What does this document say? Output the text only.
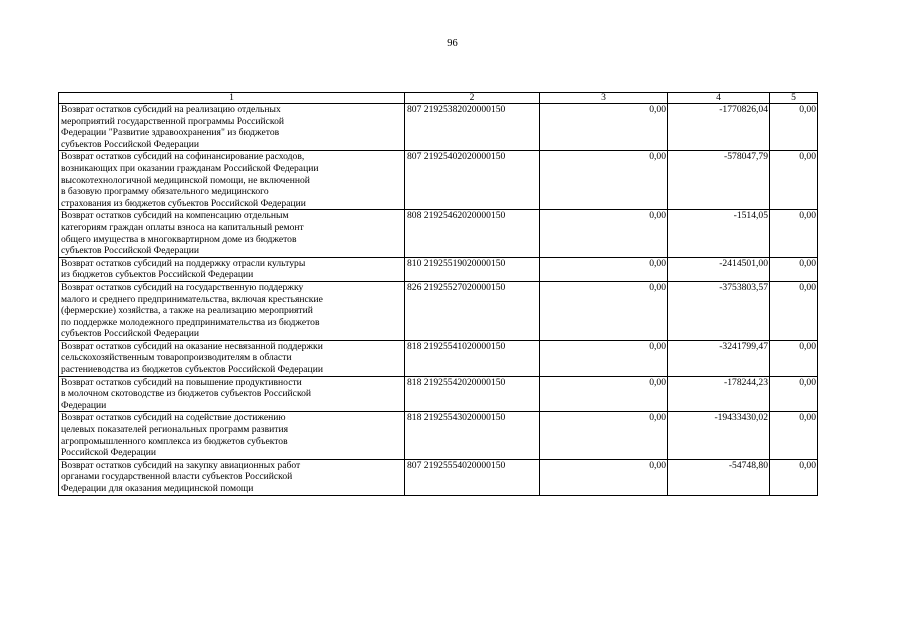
96
1	2	3	4	5

Возврат остатков субсидий на реализацию отдельных
мероприятий государственной программы Российской
Федерации "Развитие здравоохранения" из бюджетов
субъектов Российской Федерации	807 21925382020000150	0,00	-1770826,04	0,00

Возврат остатков субсидий на софинансирование расходов,
возникающих при оказании гражданам Российской Федерации
высокотехнологичной медицинской помощи, не включенной
в базовую программу обязательного медицинского
страхования из бюджетов субъектов Российской Федерации	807 21925402020000150	0,00	-578047,79	0,00

Возврат остатков субсидий на компенсацию отдельным
категориям граждан оплаты взноса на капитальный ремонт
общего имущества в многоквартирном доме из бюджетов
субъектов Российской Федерации	808 21925462020000150	0,00	-1514,05	0,00

Возврат остатков субсидий на поддержку отрасли культуры
из бюджетов субъектов Российской Федерации	810 21925519020000150	0,00	-2414501,00	0,00

Возврат остатков субсидий на государственную поддержку
малого и среднего предпринимательства, включая крестьянские
(фермерские) хозяйства, а также на реализацию мероприятий
по поддержке молодежного предпринимательства из бюджетов
субъектов Российской Федерации	826 21925527020000150	0,00	-3753803,57	0,00

Возврат остатков субсидий на оказание несвязанной поддержки
сельскохозяйственным товаропроизводителям в области
растениеводства из бюджетов субъектов Российской Федерации	818 21925541020000150	0,00	-3241799,47	0,00

Возврат остатков субсидий на повышение продуктивности
в молочном скотоводстве из бюджетов субъектов Российской
Федерации	818 21925542020000150	0,00	-178244,23	0,00

Возврат остатков субсидий на содействие достижению
целевых показателей региональных программ развития
агропромышленного комплекса из бюджетов субъектов
Российской Федерации	818 21925543020000150	0,00	-19433430,02	0,00

Возврат остатков субсидий на закупку авиационных работ
органами государственной власти субъектов Российской
Федерации для оказания медицинской помощи	807 21925554020000150	0,00	-54748,80	0,00
